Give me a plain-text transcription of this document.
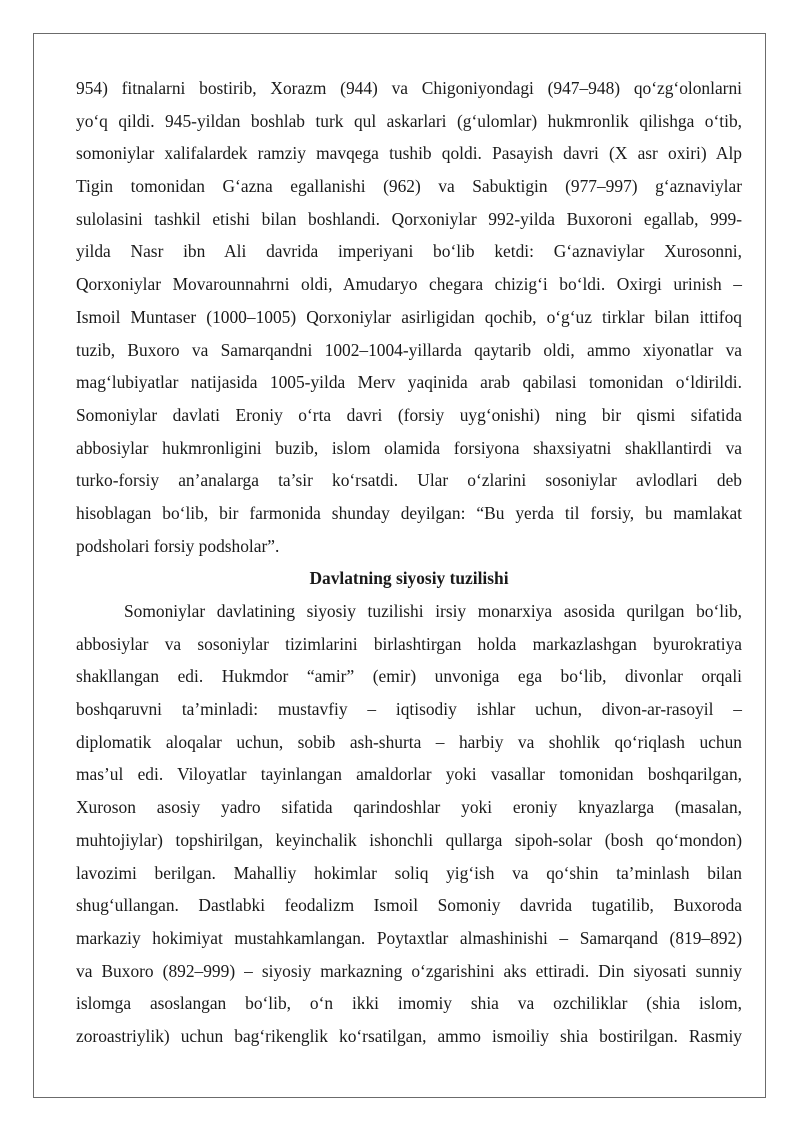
954) fitnalarni bostirib, Xorazm (944) va Chigoniyondagi (947–948) qo‘zg‘olonlarni
yo‘q qildi. 945-yildan boshlab turk qul askarlari (g‘ulomlar) hukmronlik qilishga o‘tib,
somoniylar xalifalardek ramziy mavqega tushib qoldi. Pasayish davri (X asr oxiri) Alp
Tigin tomonidan G‘azna egallanishi (962) va Sabuktigin (977–997) g‘aznaviylar
sulolasini tashkil etishi bilan boshlandi. Qorxoniylar 992-yilda Buxoroni egallab, 999-
yilda Nasr ibn Ali davrida imperiyani bo‘lib ketdi: G‘aznaviylar Xurosonni,
Qorxoniylar Movarounnahrni oldi, Amudaryo chegara chizig‘i bo‘ldi. Oxirgi urinish –
Ismoil Muntaser (1000–1005) Qorxoniylar asirligidan qochib, o‘g‘uz tirklar bilan ittifoq
tuzib, Buxoro va Samarqandni 1002–1004-yillarda qaytarib oldi, ammo xiyonatlar va
mag‘lubiyatlar natijasida 1005-yilda Merv yaqinida arab qabilasi tomonidan o‘ldirildi.
Somoniylar davlati Eroniy o‘rta davri (forsiy uyg‘onishi) ning bir qismi sifatida
abbosiylar hukmronligini buzib, islom olamida forsiyona shaxsiyatni shakllantirdi va
turko-forsiy an’analarga ta’sir ko‘rsatdi. Ular o‘zlarini sosoniylar avlodlari deb
hisoblagan bo‘lib, bir farmonida shunday deyilgan: “Bu yerda til forsiy, bu mamlakat
podsholari forsiy podsholar”.
Davlatning siyosiy tuzilishi
Somoniylar davlatining siyosiy tuzilishi irsiy monarxiya asosida qurilgan bo‘lib,
abbosiylar va sosoniylar tizimlarini birlashtirgan holda markazlashgan byurokratiya
shakllangan edi. Hukmdor “amir” (emir) unvoniga ega bo‘lib, divonlar orqali
boshqaruvni ta’minladi: mustavfiy – iqtisodiy ishlar uchun, divon-ar-rasoyil –
diplomatik aloqalar uchun, sobib ash-shurta – harbiy va shohlik qo‘riqlash uchun
mas’ul edi. Viloyatlar tayinlangan amaldorlar yoki vasallar tomonidan boshqarilgan,
Xuroson asosiy yadro sifatida qarindoshlar yoki eroniy knyazlarga (masalan,
muhtojiylar) topshirilgan, keyinchalik ishonchli qullarga sipoh-solar (bosh qo‘mondon)
lavozimi berilgan. Mahalliy hokimlar soliq yig‘ish va qo‘shin ta’minlash bilan
shug‘ullangan. Dastlabki feodalizm Ismoil Somoniy davrida tugatilib, Buxoroda
markaziy hokimiyat mustahkamlangan. Poytaxtlar almashinishi – Samarqand (819–892)
va Buxoro (892–999) – siyosiy markazning o‘zgarishini aks ettiradi. Din siyosati sunniy
islomga asoslangan bo‘lib, o‘n ikki imomiy shia va ozchiliklar (shia islom,
zoroastriylik) uchun bag‘rikenglik ko‘rsatilgan, ammo ismoiliy shia bostirilgan. Rasmiy
